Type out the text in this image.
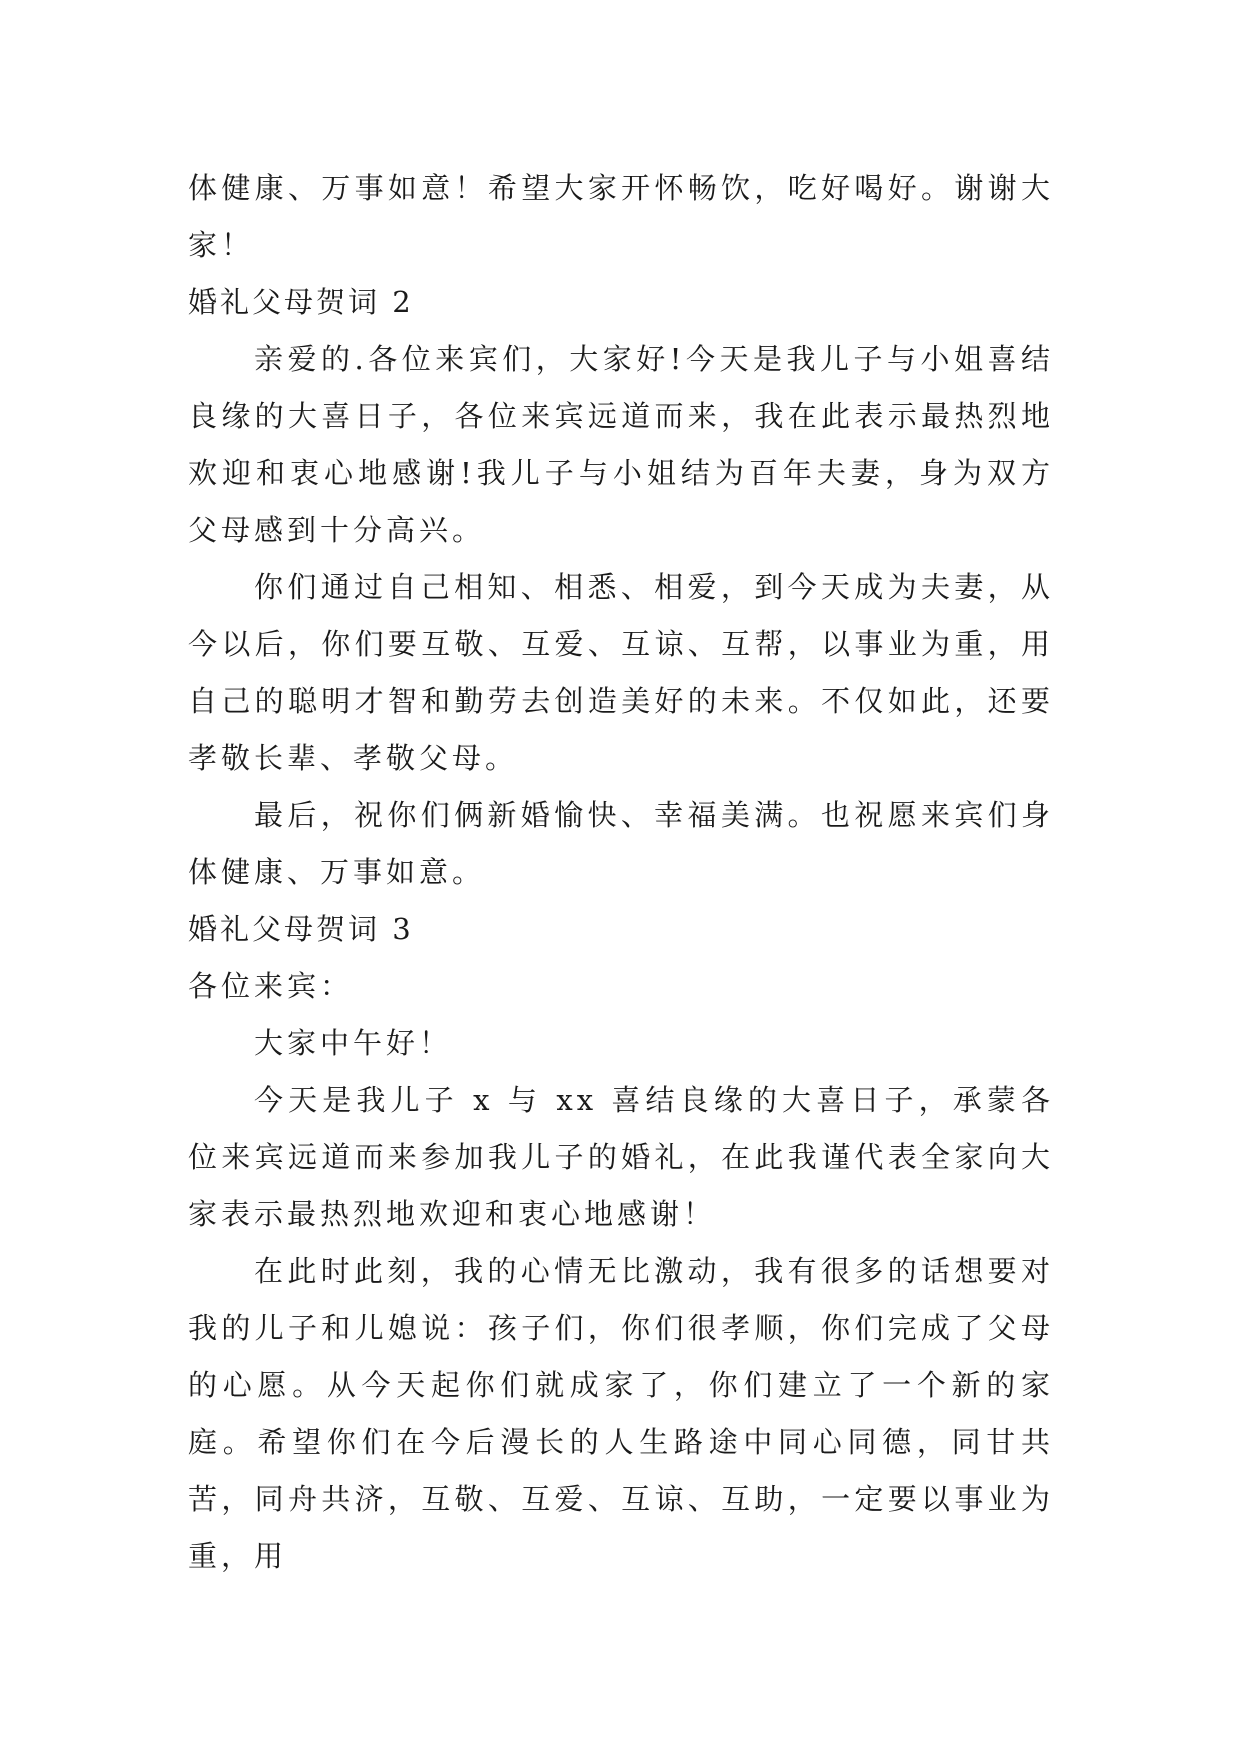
体健康、万事如意！希望大家开怀畅饮，吃好喝好。谢谢大家！

婚礼父母贺词 2

亲爱的.各位来宾们，大家好!今天是我儿子与小姐喜结良缘的大喜日子，各位来宾远道而来，我在此表示最热烈地欢迎和衷心地感谢!我儿子与小姐结为百年夫妻，身为双方父母感到十分高兴。

你们通过自己相知、相悉、相爱，到今天成为夫妻，从今以后，你们要互敬、互爱、互谅、互帮，以事业为重，用自己的聪明才智和勤劳去创造美好的未来。不仅如此，还要孝敬长辈、孝敬父母。

最后，祝你们俩新婚愉快、幸福美满。也祝愿来宾们身体健康、万事如意。

婚礼父母贺词 3

各位来宾：

大家中午好！

今天是我儿子 x 与 xx 喜结良缘的大喜日子，承蒙各位来宾远道而来参加我儿子的婚礼，在此我谨代表全家向大家表示最热烈地欢迎和衷心地感谢！

在此时此刻，我的心情无比激动，我有很多的话想要对我的儿子和儿媳说：孩子们，你们很孝顺，你们完成了父母的心愿。从今天起你们就成家了，你们建立了一个新的家庭。希望你们在今后漫长的人生路途中同心同德，同甘共苦，同舟共济，互敬、互爱、互谅、互助，一定要以事业为重，用
